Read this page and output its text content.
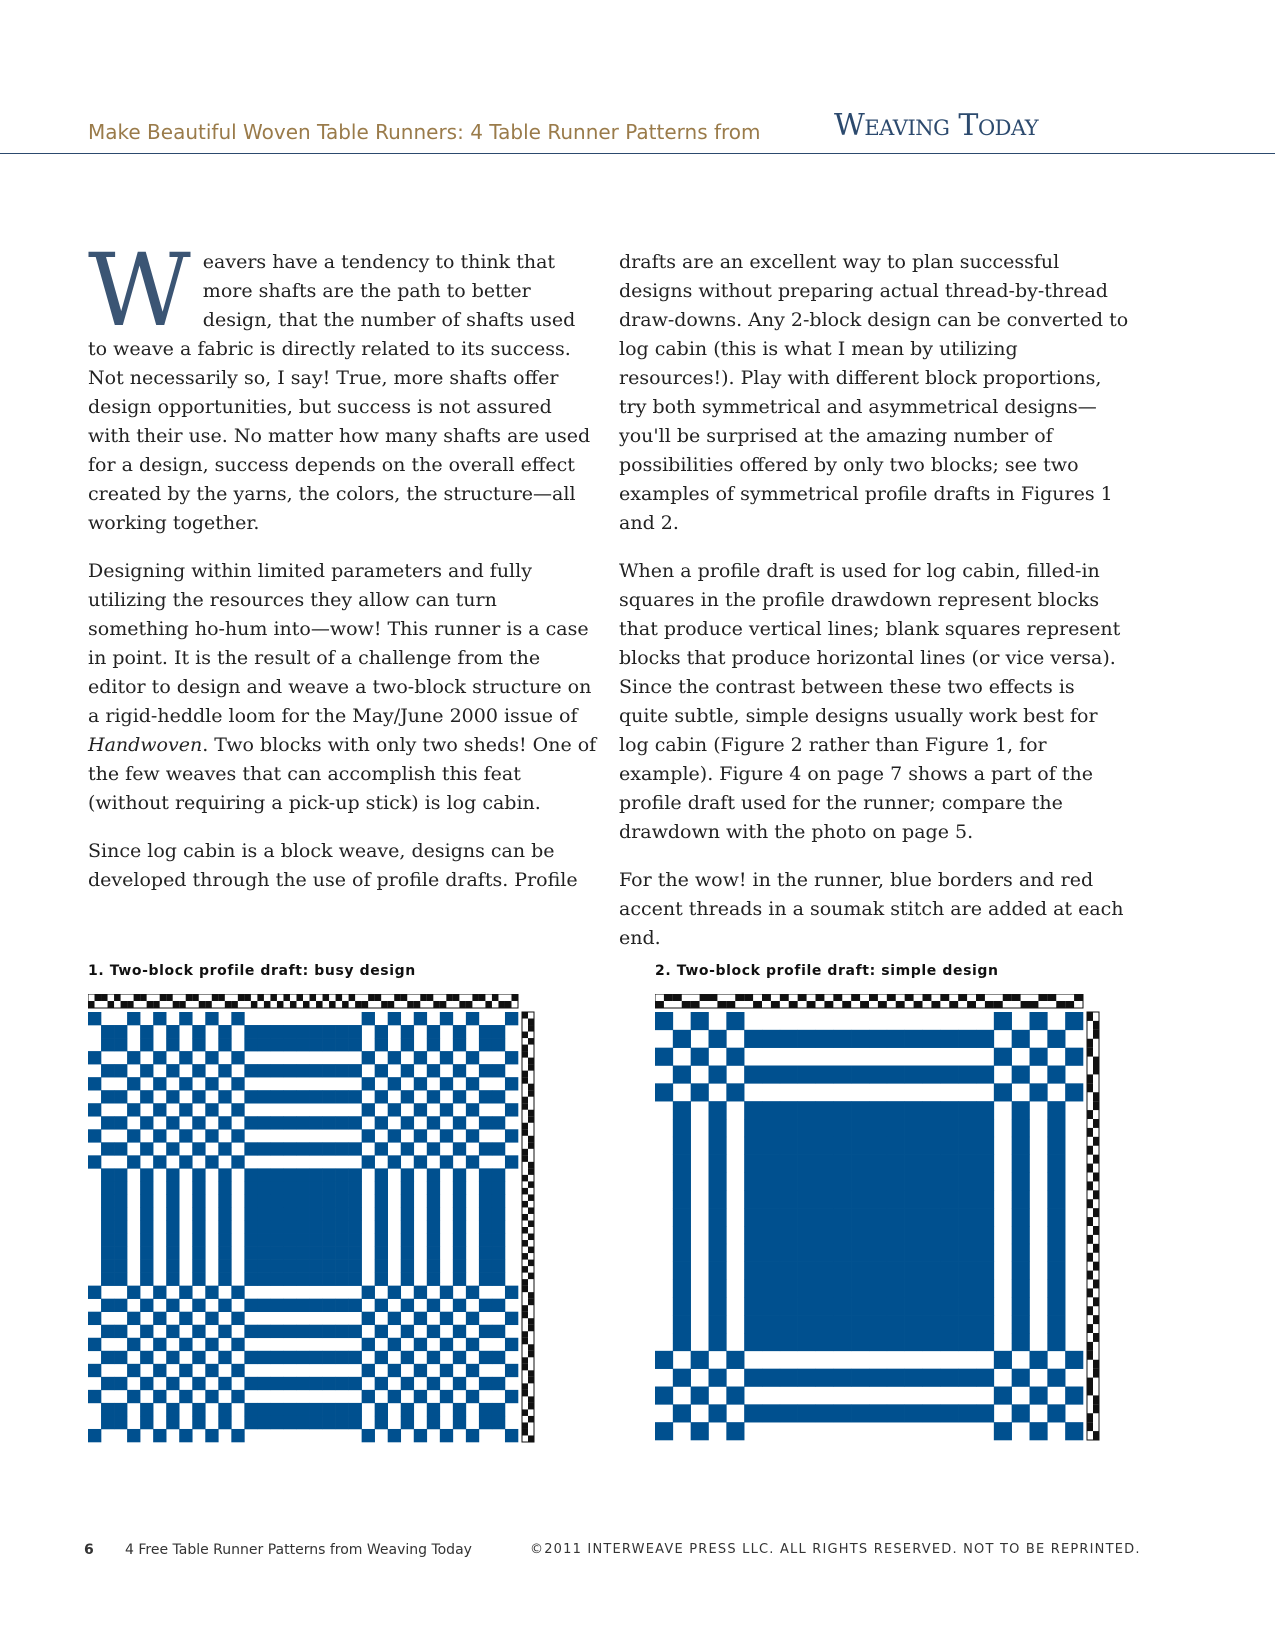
Make Beautiful Woven Table Runners: 4 Table Runner Patterns from Weaving Today

Weavers have a tendency to think that more shafts are the path to better design, that the number of shafts used to weave a fabric is directly related to its success. Not necessarily so, I say! True, more shafts offer design opportunities, but success is not assured with their use. No matter how many shafts are used for a design, success depends on the overall effect created by the yarns, the colors, the structure—all working together.

Designing within limited parameters and fully utilizing the resources they allow can turn something ho-hum into—wow! This runner is a case in point. It is the result of a challenge from the editor to design and weave a two-block structure on a rigid-heddle loom for the May/June 2000 issue of Handwoven. Two blocks with only two sheds! One of the few weaves that can accomplish this feat (without requiring a pick-up stick) is log cabin.

Since log cabin is a block weave, designs can be developed through the use of profile drafts. Profile

drafts are an excellent way to plan successful designs without preparing actual thread-by-thread draw-downs. Any 2-block design can be converted to log cabin (this is what I mean by utilizing resources!). Play with different block proportions, try both symmetrical and asymmetrical designs—you'll be surprised at the amazing number of possibilities offered by only two blocks; see two examples of symmetrical profile drafts in Figures 1 and 2.

When a profile draft is used for log cabin, filled-in squares in the profile drawdown represent blocks that produce vertical lines; blank squares represent blocks that produce horizontal lines (or vice versa). Since the contrast between these two effects is quite subtle, simple designs usually work best for log cabin (Figure 2 rather than Figure 1, for example). Figure 4 on page 7 shows a part of the profile draft used for the runner; compare the drawdown with the photo on page 5.

For the wow! in the runner, blue borders and red accent threads in a soumak stitch are added at each end.

1. Two-block profile draft: busy design	2. Two-block profile draft: simple design
6 4 Free Table Runner Patterns from Weaving Today	©2011 INTERWEAVE PRESS LLC. ALL RIGHTS RESERVED. NOT TO BE REPRINTED.
